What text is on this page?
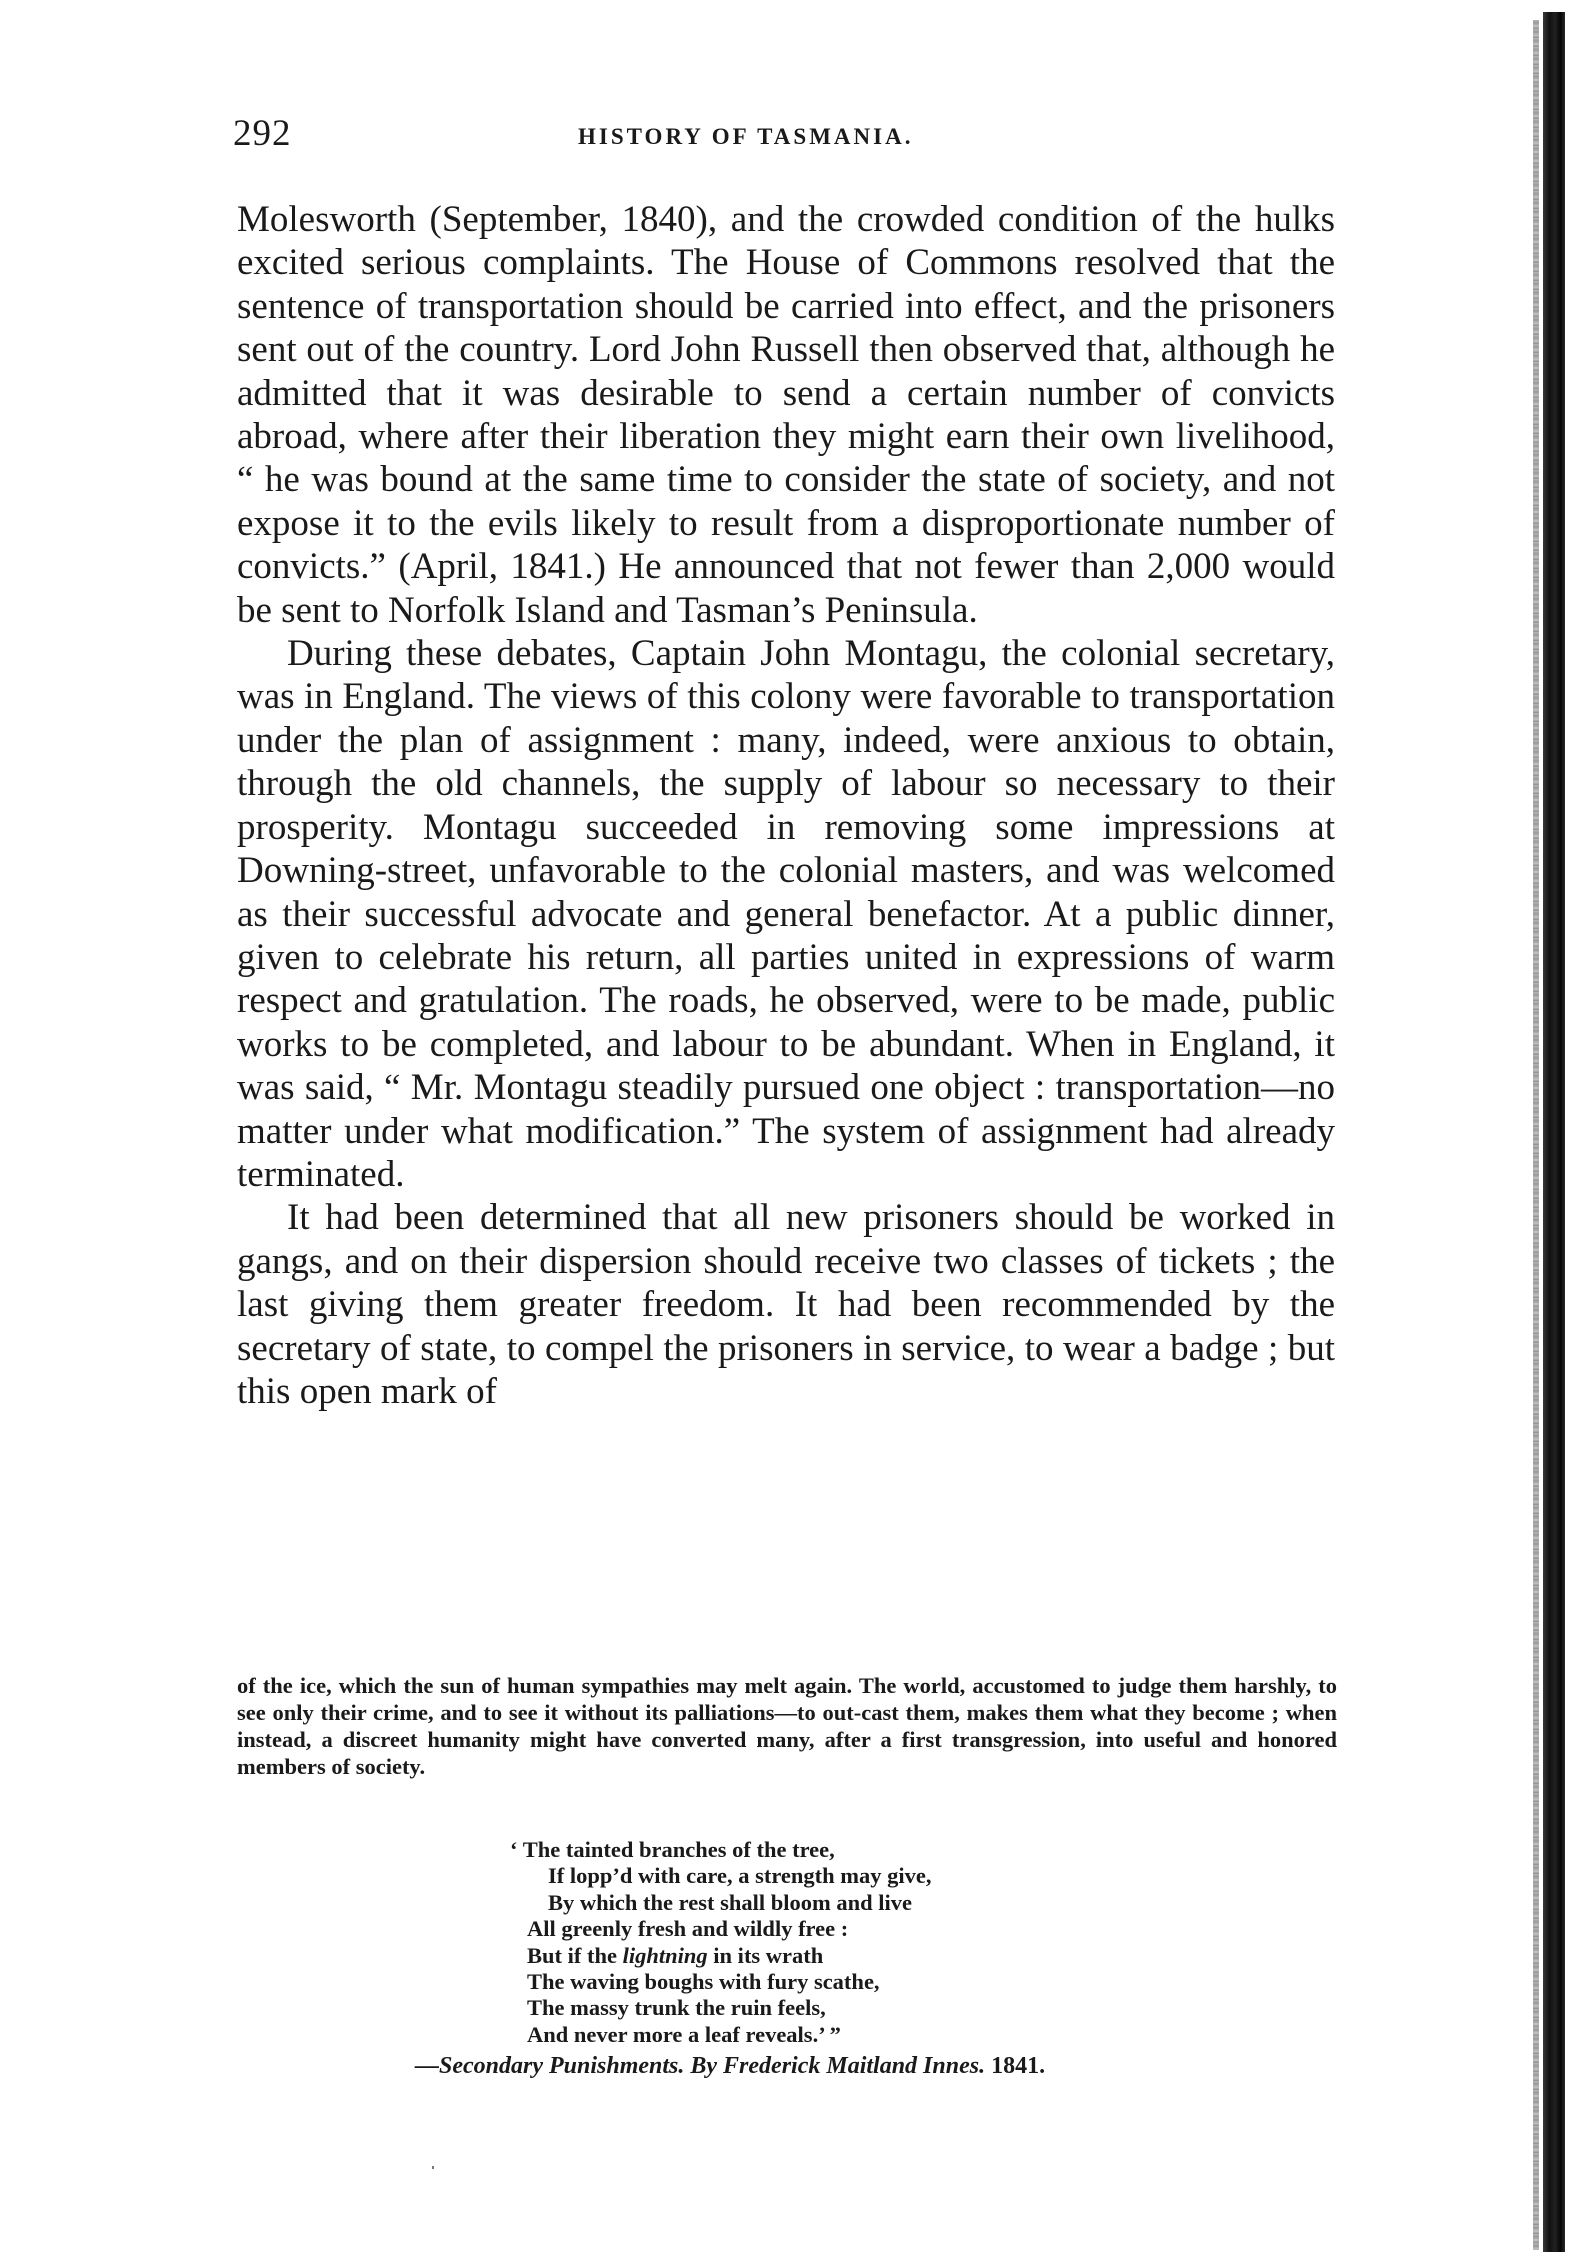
292	HISTORY OF TASMANIA.

Molesworth (September, 1840), and the crowded condition of the hulks excited serious complaints. The House of Commons resolved that the sentence of transportation should be carried into effect, and the prisoners sent out of the country. Lord John Russell then observed that, although he admitted that it was desirable to send a certain number of convicts abroad, where after their liberation they might earn their own livelihood, “ he was bound at the same time to consider the state of society, and not expose it to the evils likely to result from a disproportionate number of convicts.” (April, 1841.) He announced that not fewer than 2,000 would be sent to Norfolk Island and Tasman’s Peninsula.

During these debates, Captain John Montagu, the colonial secretary, was in England. The views of this colony were favorable to transportation under the plan of assignment : many, indeed, were anxious to obtain, through the old channels, the supply of labour so necessary to their prosperity. Montagu succeeded in removing some impressions at Downing-street, unfavorable to the colonial masters, and was welcomed as their successful advocate and general benefactor. At a public dinner, given to celebrate his return, all parties united in expressions of warm respect and gratulation. The roads, he observed, were to be made, public works to be completed, and labour to be abundant. When in England, it was said, “ Mr. Montagu steadily pursued one object : transportation—no matter under what modification.” The system of assignment had already terminated.

It had been determined that all new prisoners should be worked in gangs, and on their dispersion should receive two classes of tickets ; the last giving them greater freedom. It had been recommended by the secretary of state, to compel the prisoners in service, to wear a badge ; but this open mark of

of the ice, which the sun of human sympathies may melt again. The world, accustomed to judge them harshly, to see only their crime, and to see it without its palliations—to out-cast them, makes them what they become ; when instead, a discreet humanity might have converted many, after a first transgression, into useful and honored members of society.

‘ The tainted branches of the tree,
If lopp’d with care, a strength may give,
By which the rest shall bloom and live
All greenly fresh and wildly free :
But if the lightning in its wrath
The waving boughs with fury scathe,
The massy trunk the ruin feels,
And never more a leaf reveals.’ ”
—Secondary Punishments. By Frederick Maitland Innes. 1841.
